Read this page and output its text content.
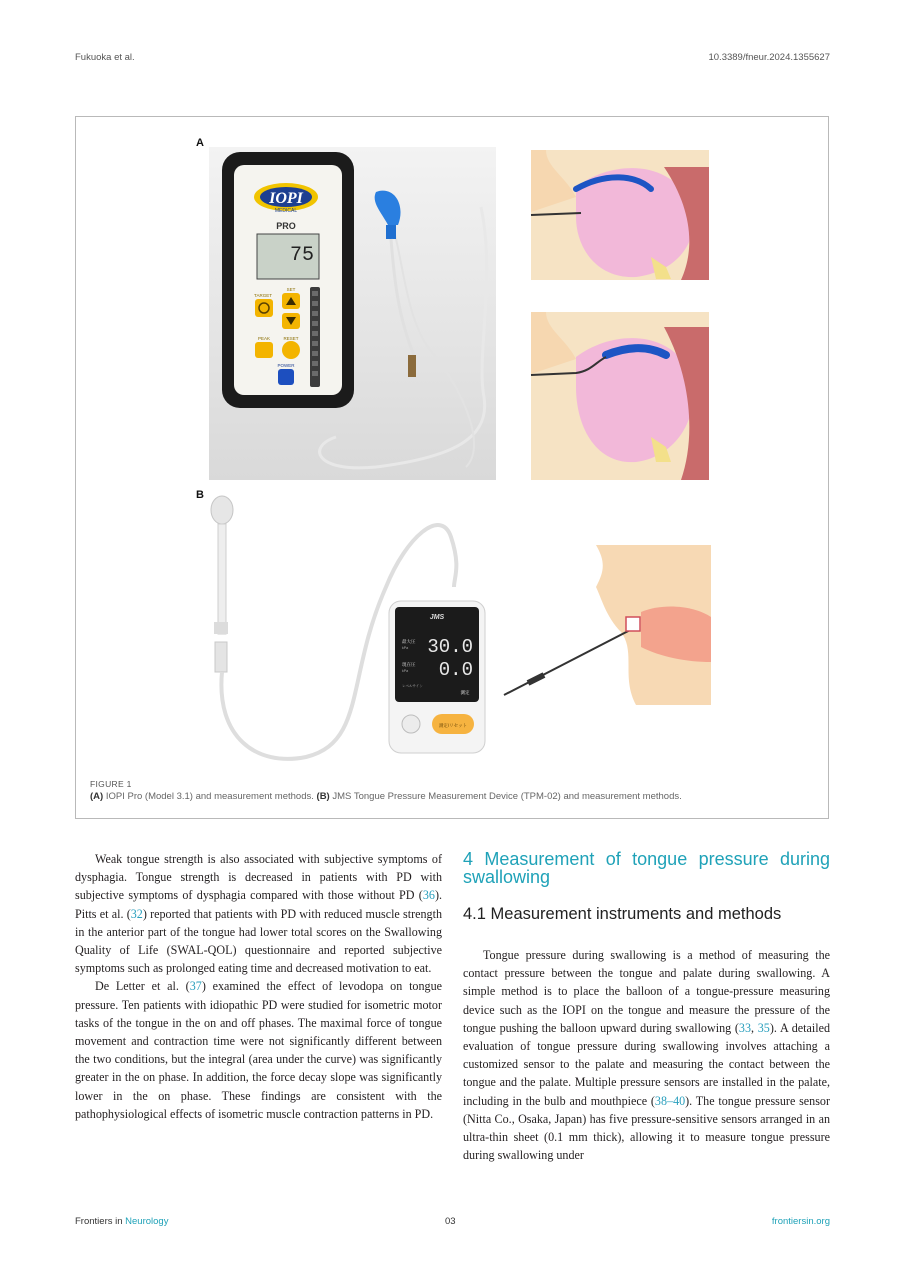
Fukuoka et al.	10.3389/fneur.2024.1355627
A
B
IOPI
MEDICAL
PRO
75
TARGET
SET
PEAK	RESET
POWER
JMS
最大圧
kPa 30.0
現在圧
kPa 0.0
レベルサイン
測定
測定/リセット
FIGURE 1
(A) IOPI Pro (Model 3.1) and measurement methods. (B) JMS Tongue Pressure Measurement Device (TPM-02) and measurement methods.

Weak tongue strength is also associated with subjective symptoms of dysphagia. Tongue strength is decreased in patients with PD with subjective symptoms of dysphagia compared with those without PD (36). Pitts et al. (32) reported that patients with PD with reduced muscle strength in the anterior part of the tongue had lower total scores on the Swallowing Quality of Life (SWAL-QOL) questionnaire and reported subjective symptoms such as prolonged eating time and decreased motivation to eat.

De Letter et al. (37) examined the effect of levodopa on tongue pressure. Ten patients with idiopathic PD were studied for isometric motor tasks of the tongue in the on and off phases. The maximal force of tongue movement and contraction time were not significantly different between the two conditions, but the integral (area under the curve) was significantly greater in the on phase. In addition, the force decay slope was significantly lower in the on phase. These findings are consistent with the pathophysiological effects of isometric muscle contraction patterns in PD.

4 Measurement of tongue pressure during swallowing
4.1 Measurement instruments and methods

Tongue pressure during swallowing is a method of measuring the contact pressure between the tongue and palate during swallowing. A simple method is to place the balloon of a tongue-pressure measuring device such as the IOPI on the tongue and measure the pressure of the tongue pushing the balloon upward during swallowing (33, 35). A detailed evaluation of tongue pressure during swallowing involves attaching a customized sensor to the palate and measuring the contact between the tongue and the palate. Multiple pressure sensors are installed in the palate, including in the bulb and mouthpiece (38–40). The tongue pressure sensor (Nitta Co., Osaka, Japan) has five pressure-sensitive sensors arranged in an ultra-thin sheet (0.1 mm thick), allowing it to measure tongue pressure during swallowing under

Frontiers in Neurology	03	frontiersin.org
